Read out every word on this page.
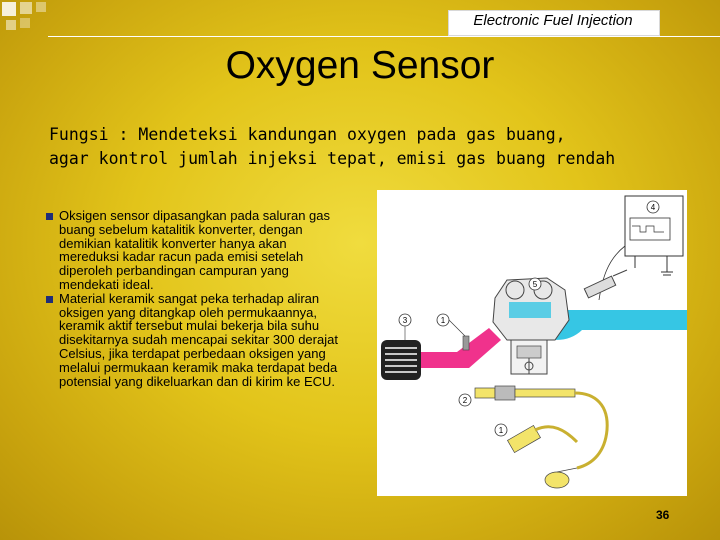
Electronic Fuel Injection
Oxygen Sensor
Fungsi : Mendeteksi kandungan oxygen pada gas buang,
agar kontrol jumlah injeksi tepat, emisi gas buang rendah
Oksigen sensor dipasangkan pada saluran gas buang sebelum katalitik konverter, dengan demikian katalitik konverter hanya akan mereduksi kadar racun pada emisi setelah diperoleh perbandingan campuran yang mendekati ideal.
Material keramik sangat peka terhadap aliran oksigen yang ditangkap oleh permukaannya, keramik aktif tersebut mulai bekerja bila suhu disekitarnya sudah mencapai sekitar 300 derajat Celsius, jika terdapat perbedaan oksigen yang melalui permukaan keramik maka terdapat beda potensial yang dikeluarkan dan di kirim ke ECU.
4
5
3	1
2
1
36
